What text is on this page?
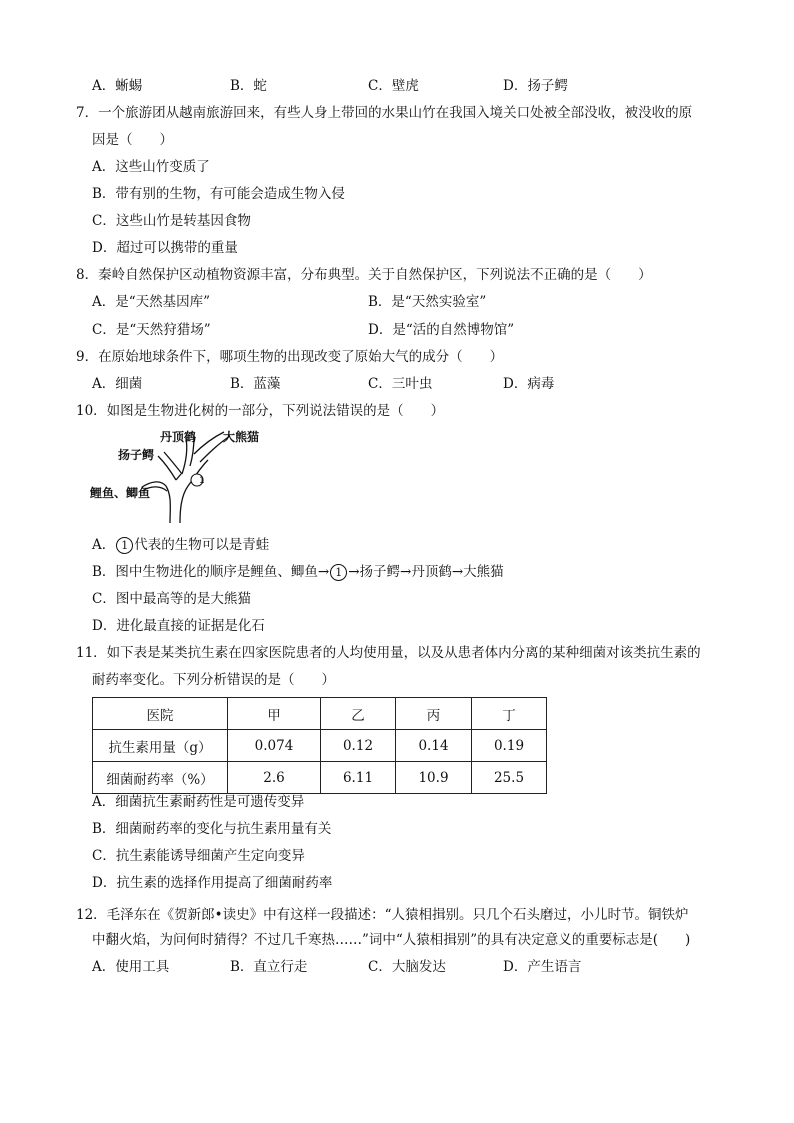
A．蜥蜴	B．蛇	C．壁虎	D．扬子鳄
7．一个旅游团从越南旅游回来，有些人身上带回的水果山竹在我国入境关口处被全部没收，被没收的原
因是（　　）
A．这些山竹变质了
B．带有别的生物，有可能会造成生物入侵
C．这些山竹是转基因食物
D．超过可以携带的重量
8．秦岭自然保护区动植物资源丰富，分布典型。关于自然保护区，下列说法不正确的是（　　）
A．是“天然基因库”	B．是“天然实验室”
C．是“天然狩猎场”	D．是“活的自然博物馆”
9．在原始地球条件下，哪项生物的出现改变了原始大气的成分（　　）
A．细菌	B．蓝藻	C．三叶虫	D．病毒
10．如图是生物进化树的一部分，下列说法错误的是（　　）
1
丹顶鹤 大熊猫
扬子鳄
鲤鱼、鲫鱼
A． 1 代表的生物可以是青蛙
B．图中生物进化的顺序是鲤鱼、鲫鱼→ 1 →扬子鳄→丹顶鹤→大熊猫
C．图中最高等的是大熊猫
D．进化最直接的证据是化石
11．如下表是某类抗生素在四家医院患者的人均使用量，以及从患者体内分离的某种细菌对该类抗生素的
耐药率变化。下列分析错误的是（　　）
医院	甲	乙	丙	丁
抗生素用量（g）	0.074	0.12	0.14	0.19
细菌耐药率（%）	2.6	6.11	10.9	25.5
A．细菌抗生素耐药性是可遗传变异
B．细菌耐药率的变化与抗生素用量有关
C．抗生素能诱导细菌产生定向变异
D．抗生素的选择作用提高了细菌耐药率
12．毛泽东在《贺新郎•读史》中有这样一段描述：“人猿相揖别。只几个石头磨过，小儿时节。铜铁炉
中翻火焰，为问何时猜得？不过几千寒热……”词中“人猿相揖别”的具有决定意义的重要标志是(　　)
A．使用工具	B．直立行走	C．大脑发达	D．产生语言
